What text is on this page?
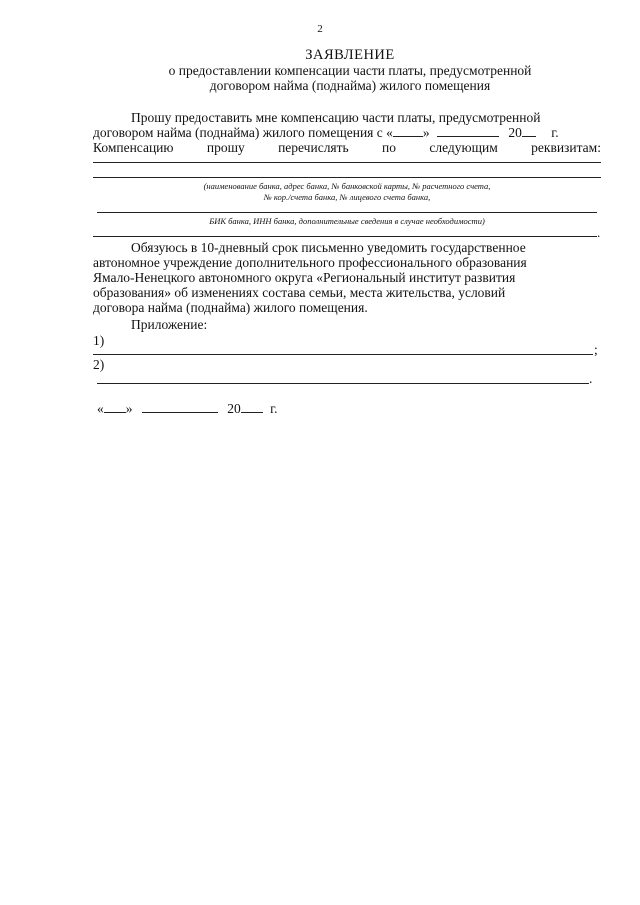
2
ЗАЯВЛЕНИЕ
о предоставлении компенсации части платы, предусмотренной
договором найма (поднайма) жилого помещения
Прошу предоставить мне компенсацию части платы, предусмотренной
договором найма (поднайма) жилого помещения с « »	20 г.
Компенсацию прошу перечислять по следующим реквизитам:
(наименование банка, адрес банка, № банковской карты, № расчетного счета,
№ кор./счета банка, № лицевого счета банка,
БИК банка, ИНН банка, дополнительные сведения в случае необходимости)
.
Обязуюсь в 10-дневный срок письменно уведомить государственное
автономное учреждение дополнительного профессионального образования
Ямало-Ненецкого автономного округа «Региональный институт развития
образования» об изменениях состава семьи, места жительства, условий
договора найма (поднайма) жилого помещения.
Приложение:
1)
;
2)
.
« »	20 г.
